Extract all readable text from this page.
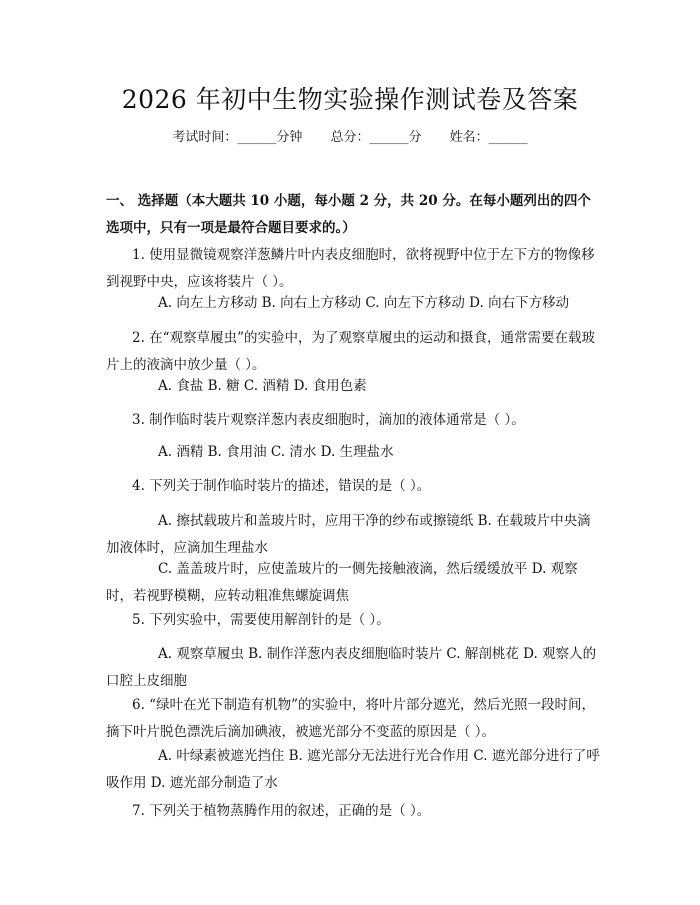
2026 年初中生物实验操作测试卷及答案
考试时间：______分钟 总分：______分 姓名：______
一、 选择题（本大题共 10 小题，每小题 2 分，共 20 分。在每小题列出的四个选项中，只有一项是最符合题目要求的。）
1. 使用显微镜观察洋葱鳞片叶内表皮细胞时，欲将视野中位于左下方的物像移到视野中央，应该将装片（ ）。
A. 向左上方移动 B. 向右上方移动 C. 向左下方移动 D. 向右下方移动
2. 在“观察草履虫”的实验中，为了观察草履虫的运动和摄食，通常需要在载玻片上的液滴中放少量（ ）。
A. 食盐 B. 糖 C. 酒精 D. 食用色素
3. 制作临时装片观察洋葱内表皮细胞时，滴加的液体通常是（ ）。
A. 酒精 B. 食用油 C. 清水 D. 生理盐水
4. 下列关于制作临时装片的描述，错误的是（ ）。
A. 擦拭载玻片和盖玻片时，应用干净的纱布或擦镜纸 B. 在载玻片中央滴加液体时，应滴加生理盐水
C. 盖盖玻片时，应使盖玻片的一侧先接触液滴，然后缓缓放平 D. 观察时，若视野模糊，应转动粗准焦螺旋调焦
5. 下列实验中，需要使用解剖针的是（ ）。
A. 观察草履虫 B. 制作洋葱内表皮细胞临时装片 C. 解剖桃花 D. 观察人的口腔上皮细胞
6. “绿叶在光下制造有机物”的实验中，将叶片部分遮光，然后光照一段时间，摘下叶片脱色漂洗后滴加碘液，被遮光部分不变蓝的原因是（ ）。
A. 叶绿素被遮光挡住 B. 遮光部分无法进行光合作用 C. 遮光部分进行了呼吸作用 D. 遮光部分制造了水
7. 下列关于植物蒸腾作用的叙述，正确的是（ ）。
